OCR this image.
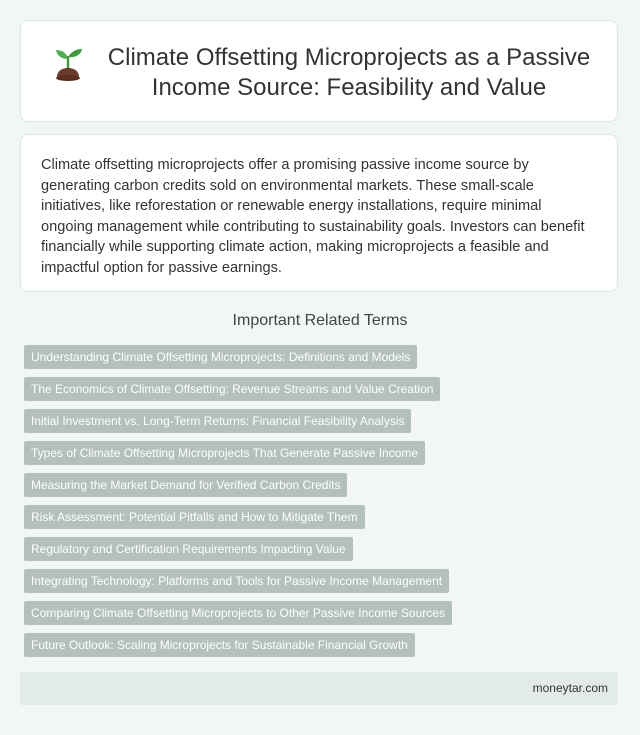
Climate Offsetting Microprojects as a Passive Income Source: Feasibility and Value

Climate offsetting microprojects offer a promising passive income source by generating carbon credits sold on environmental markets. These small-scale initiatives, like reforestation or renewable energy installations, require minimal ongoing management while contributing to sustainability goals. Investors can benefit financially while supporting climate action, making microprojects a feasible and impactful option for passive earnings.

Important Related Terms
Understanding Climate Offsetting Microprojects: Definitions and Models
The Economics of Climate Offsetting: Revenue Streams and Value Creation
Initial Investment vs. Long-Term Returns: Financial Feasibility Analysis
Types of Climate Offsetting Microprojects That Generate Passive Income
Measuring the Market Demand for Verified Carbon Credits
Risk Assessment: Potential Pitfalls and How to Mitigate Them
Regulatory and Certification Requirements Impacting Value
Integrating Technology: Platforms and Tools for Passive Income Management
Comparing Climate Offsetting Microprojects to Other Passive Income Sources
Future Outlook: Scaling Microprojects for Sustainable Financial Growth
moneytar.com
